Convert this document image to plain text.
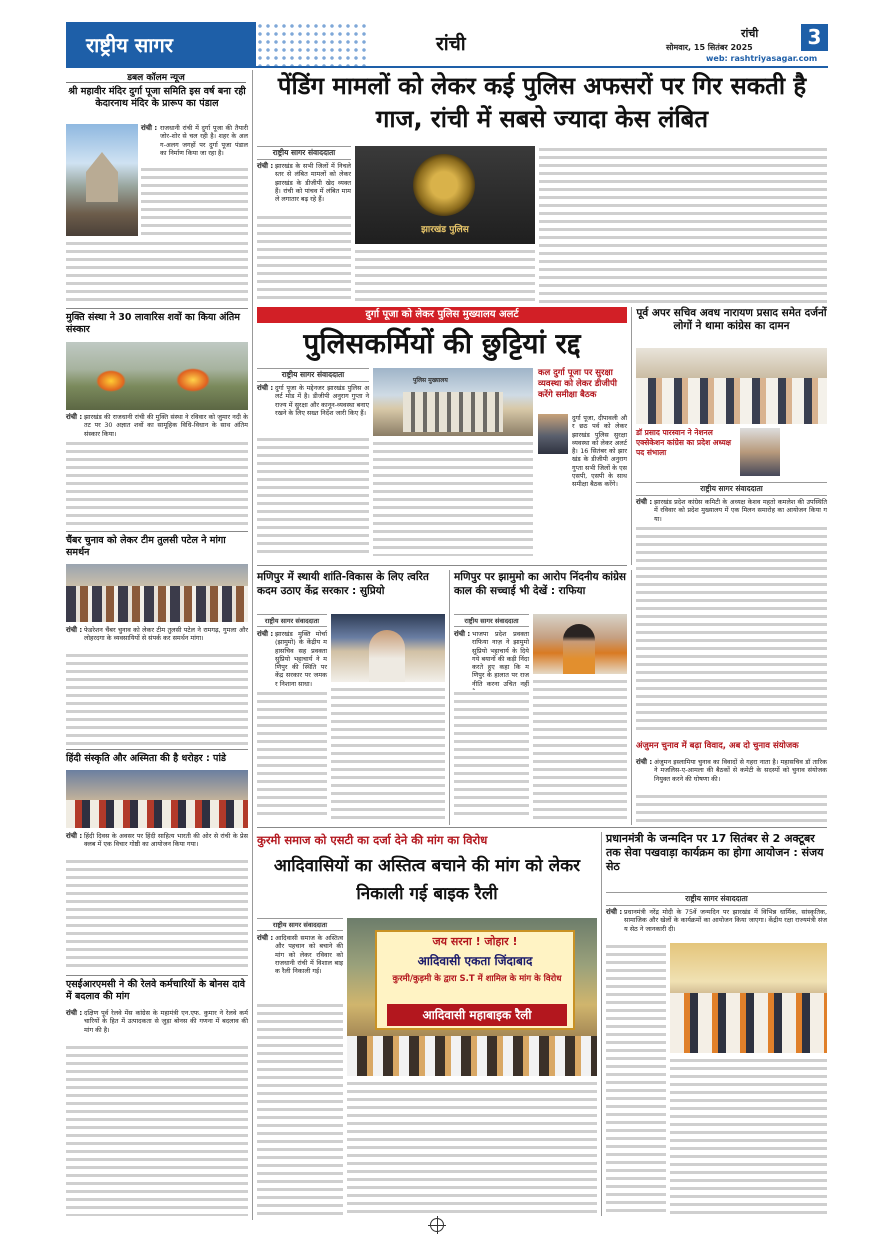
राष्ट्रीय सागर	रांची	रांची
सोमवार, 15 सितंबर 2025	3
web: rashtriyasagar.com
डबल कॉलम न्यूज
श्री महावीर मंदिर दुर्गा पूजा समिति इस वर्ष बना रही केदारनाथ मंदिर के प्रारूप का पंडाल
रांची : राजधानी रांची में दुर्गा पूजा की तैयारी जोर-शोर से चल रही है। शहर के अलग-अलग जगहों पर दुर्गा पूजा पंडाल का निर्माण किया जा रहा है।
मुक्ति संस्था ने 30 लावारिस शवों का किया अंतिम संस्कार
रांची : झारखंड की राजधानी रांची की मुक्ति संस्था ने रविवार को जुमार नदी के तट पर 30 अज्ञात शवों का सामूहिक विधि-विधान के साथ अंतिम संस्कार किया।
चैंबर चुनाव को लेकर टीम तुलसी पटेल ने मांगा समर्थन
रांची : फेडरेशन चैंबर चुनाव को लेकर टीम तुलसी पटेल ने रामगढ़, गुमला और लोहरदगा के व्यवसायियों से संपर्क कर समर्थन मांगा।
हिंदी संस्कृति और अस्मिता की है धरोहर : पांडे
रांची : हिंदी दिवस के अवसर पर हिंदी साहित्य भारती की ओर से रांची के प्रेस क्लब में एक विचार गोष्ठी का आयोजन किया गया।
एसईआरएमसी ने की रेलवे कर्मचारियों के बोनस दावे में बदलाव की मांग
रांची : दक्षिण पूर्व रेलवे मेंस कांग्रेस के महामंत्री एन.एफ. कुमार ने रेलवे कर्मचारियों के हित में उत्पादकता से जुड़ा बोनस की गणना में बदलाव की मांग की है।
पेंडिंग मामलों को लेकर कई पुलिस अफसरों पर गिर सकती है गाज, रांची में सबसे ज्यादा केस लंबित
राष्ट्रीय सागर संवाददाता
रांची : झारखंड के सभी जिलों में निचले स्तर से लंबित मामलों को लेकर झारखंड के डीजीपी खेद व्यक्त हैं। रांची को पांचव में लंबित मामले लगातार बढ़ रहे हैं।
झारखंड पुलिस
दुर्गा पूजा को लेकर पुलिस मुख्यालय अलर्ट
पुलिसकर्मियों की छुट्टियां रद्द
राष्ट्रीय सागर संवाददाता
रांची : दुर्गा पूजा के मद्देनजर झारखंड पुलिस अलर्ट मोड में है। डीजीपी अनुराग गुप्ता ने राज्य में सुरक्षा और कानून-व्यवस्था बनाए रखने के लिए सख्त निर्देश जारी किए हैं।
पुलिस मुख्यालय
कल दुर्गा पूजा पर सुरक्षा व्यवस्था को लेकर डीजीपी करेंगे समीक्षा बैठक
दुर्गा पूजा, दीपावली और छठ पर्व को लेकर झारखंड पुलिस सुरक्षा व्यवस्था को लेकर अलर्ट है। 16 सितंबर को झारखंड के डीजीपी अनुराग गुप्ता सभी जिलों के एसएसपी, एसपी के साथ समीक्षा बैठक करेंगे।
पूर्व अपर सचिव अवध नारायण प्रसाद समेत दर्जनों लोगों ने थामा कांग्रेस का दामन
डॉ प्रसाद पारस्वान ने नेशनल एक्सेकेशन कांग्रेस का प्रदेश अध्यक्ष पद संभाला
राष्ट्रीय सागर संवाददाता
रांची : झारखंड प्रदेश कांग्रेस कमिटी के अध्यक्ष केशव महतो कमलेश की उपस्थिति में रविवार को प्रदेश मुख्यालय में एक मिलन समारोह का आयोजन किया गया।
मणिपुर में स्थायी शांति-विकास के लिए त्वरित कदम उठाए केंद्र सरकार : सुप्रियो
राष्ट्रीय सागर संवाददाता
रांची : झारखंड मुक्ति मोर्चा (झामुमो) के केंद्रीय महासचिव सह प्रवक्ता सुप्रियो भट्टाचार्य ने मणिपुर की स्थिति पर केंद्र सरकार पर जमकर निशाना साधा।
मणिपुर पर झामुमो का आरोप निंदनीय कांग्रेस काल की सच्चाई भी देखें : राफिया
राष्ट्रीय सागर संवाददाता
रांची : भाजपा प्रदेश प्रवक्ता राफिया नाज़ ने झामुमो सुप्रियो भट्टाचार्य के दिये गये बयानों की कड़ी निंदा करते हुए कहा कि मणिपुर के हालात पर राजनीति करना उचित नहीं
अंजुमन चुनाव में बढ़ा विवाद, अब दो चुनाव संयोजक
रांची : अंजुमन इस्लामिया चुनाव का विवादों से गहरा नाता है। महासचिव डॉ तारिक ने मजलिस-ए-आमला की बैठकों से कमेटी के सदस्यों को चुनाव संयोजक नियुक्त करने की घोषणा की।
कुरमी समाज को एसटी का दर्जा देने की मांग का विरोध
आदिवासियों का अस्तित्व बचाने की मांग को लेकर निकाली गई बाइक रैली
राष्ट्रीय सागर संवाददाता
रांची : आदिवासी समाज के अस्तित्व और पहचान को बचाने की मांग को लेकर रविवार को राजधानी रांची में विशाल बाइक रैली निकाली गई।
जय सरना ! जोहार !
आदिवासी एकता जिंदाबाद
कुरमी/कुड़मी के द्वारा S.T में शामिल के मांग के विरोध
आदिवासी महाबाइक रैली
प्रधानमंत्री के जन्मदिन पर 17 सितंबर से 2 अक्टूबर तक सेवा पखवाड़ा कार्यक्रम का होगा आयोजन : संजय सेठ
राष्ट्रीय सागर संवाददाता
रांची : प्रधानमंत्री नरेंद्र मोदी के 75वें जन्मदिन पर झारखंड में विभिन्न धार्मिक, सांस्कृतिक, सामाजिक और खेलों के कार्यक्रमों का आयोजन किया जाएगा। केंद्रीय रक्षा राज्यमंत्री संजय सेठ ने जानकारी दी।
